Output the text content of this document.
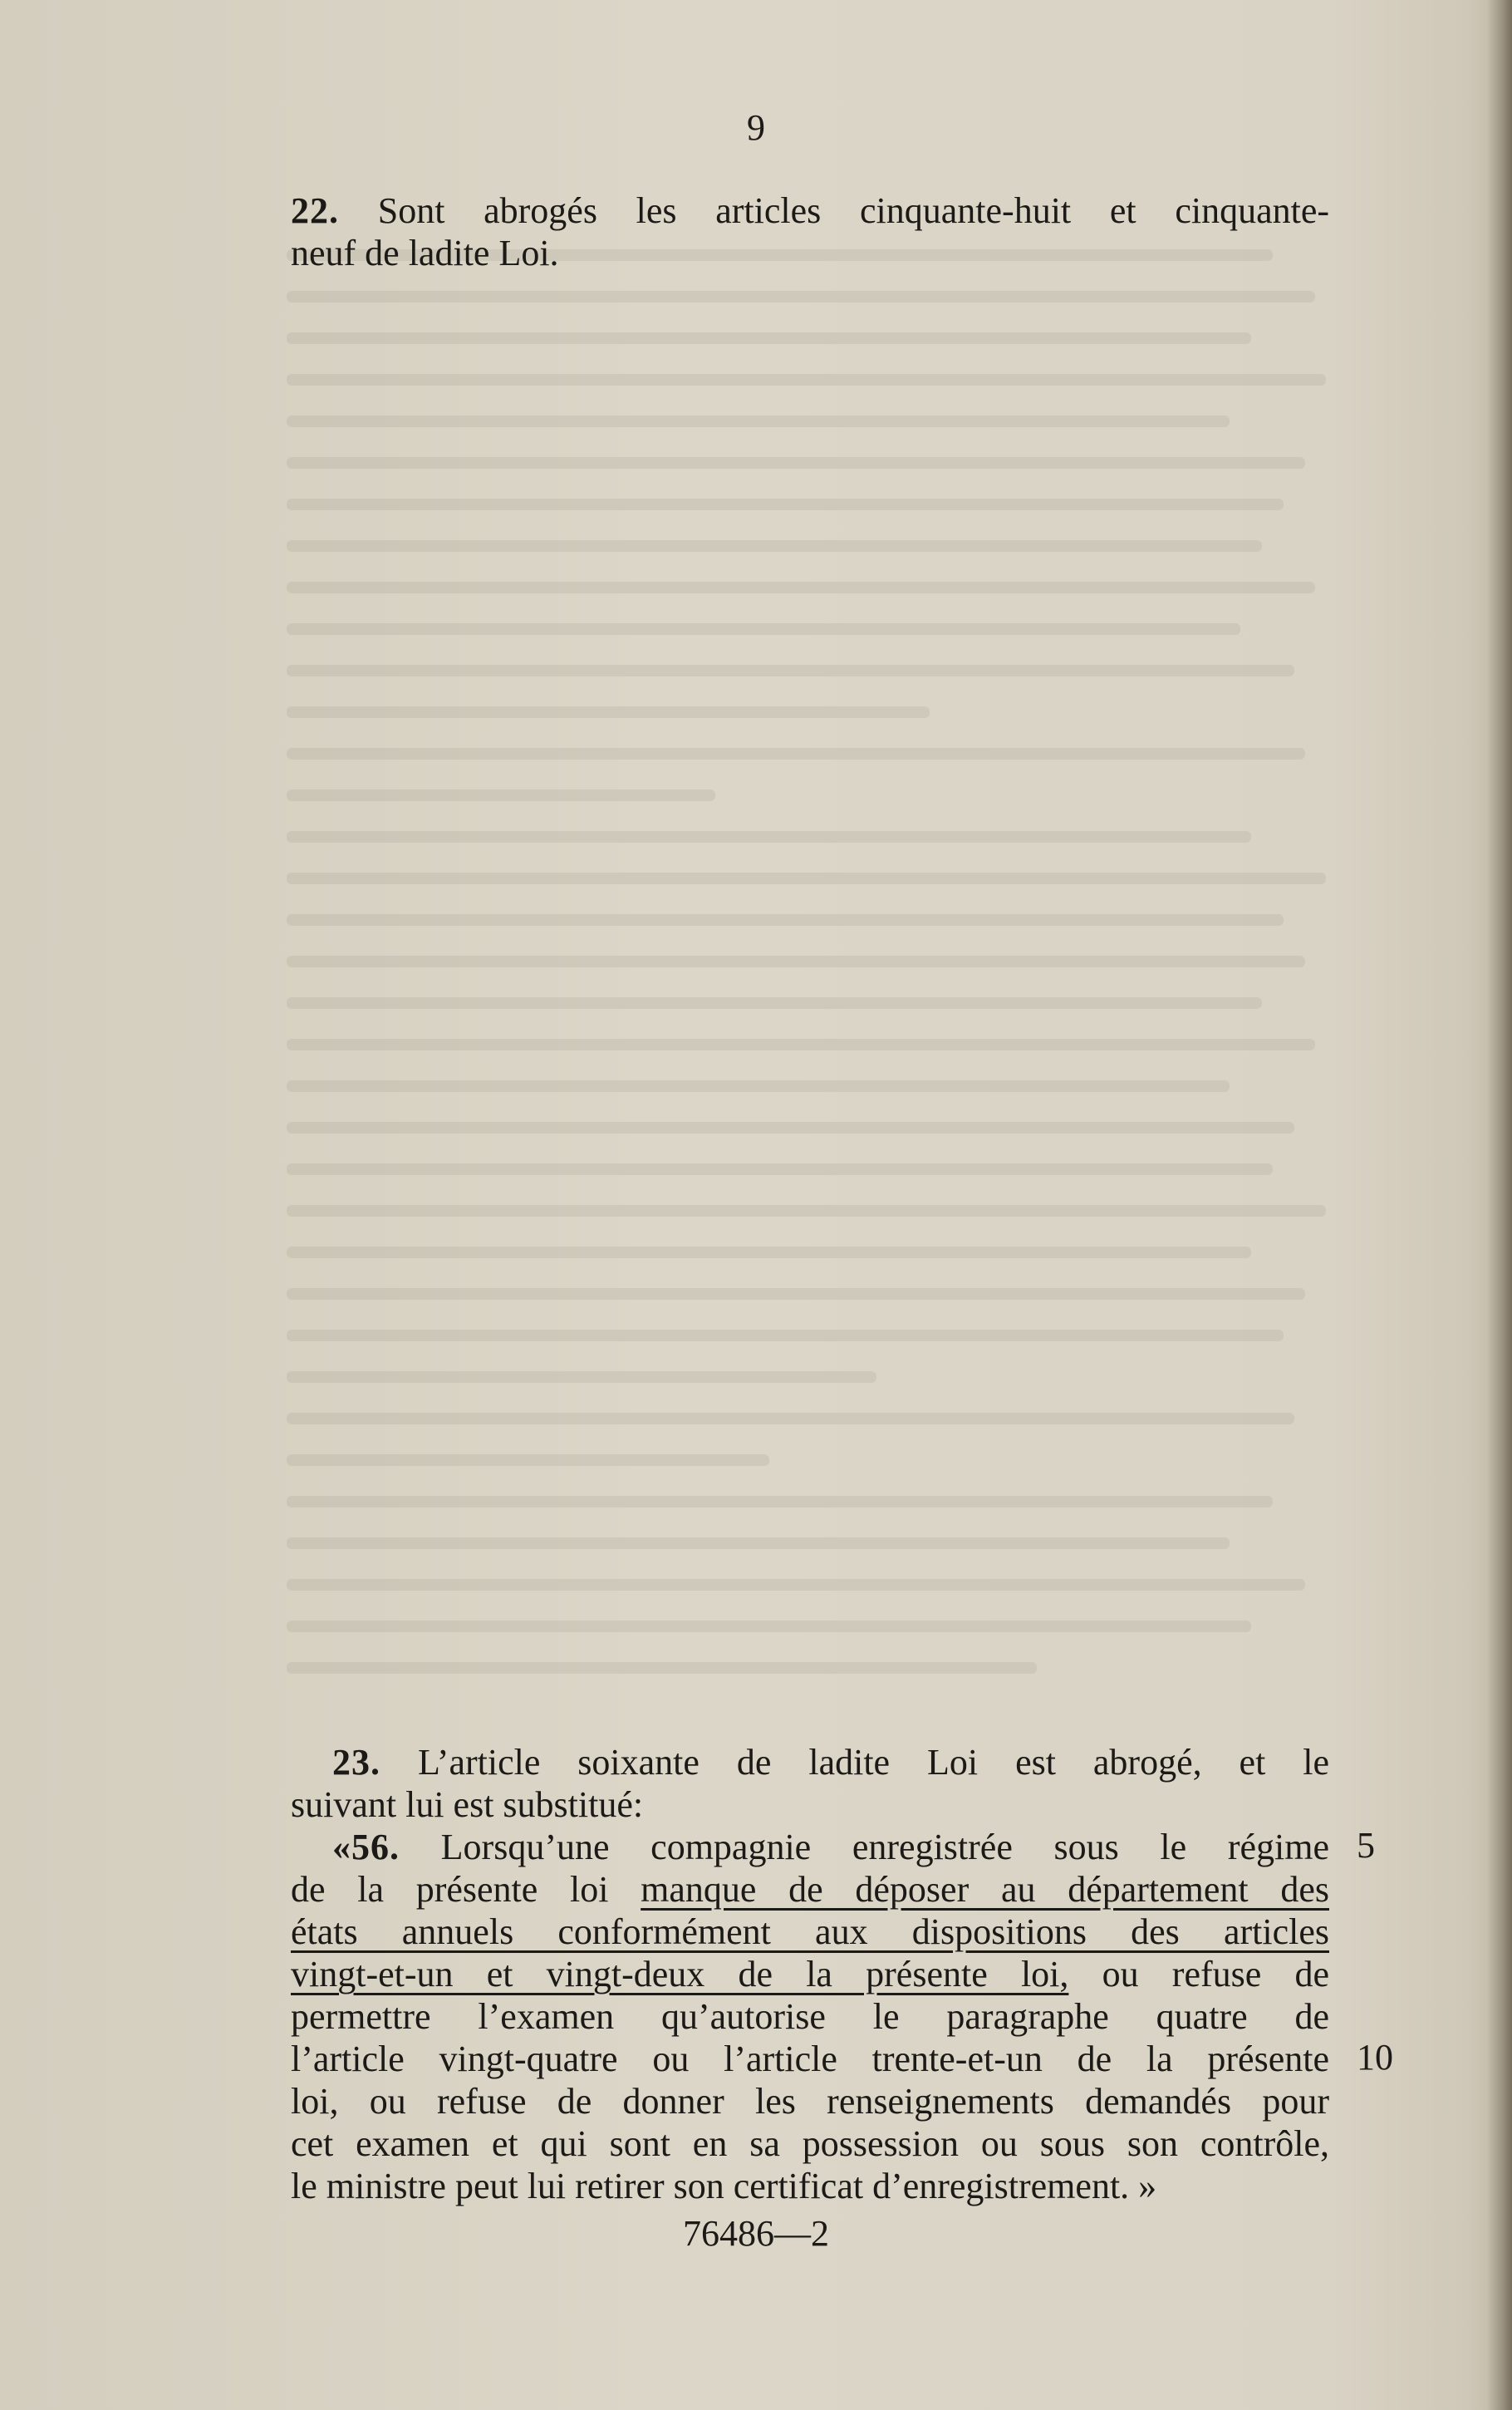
9
22. Sont abrogés les articles cinquante-huit et cinquante-
neuf de ladite Loi.
23. L’article soixante de ladite Loi est abrogé, et le
suivant lui est substitué:
«56. Lorsqu’une compagnie enregistrée sous le régime
de la présente loi manque de déposer au département des
états annuels conformément aux dispositions des articles
vingt-et-un et vingt-deux de la présente loi, ou refuse de
permettre l’examen qu’autorise le paragraphe quatre de
l’article vingt-quatre ou l’article trente-et-un de la présente
loi, ou refuse de donner les renseignements demandés pour
cet examen et qui sont en sa possession ou sous son contrôle,
le ministre peut lui retirer son certificat d’enregistrement. »
5
10
76486—2
